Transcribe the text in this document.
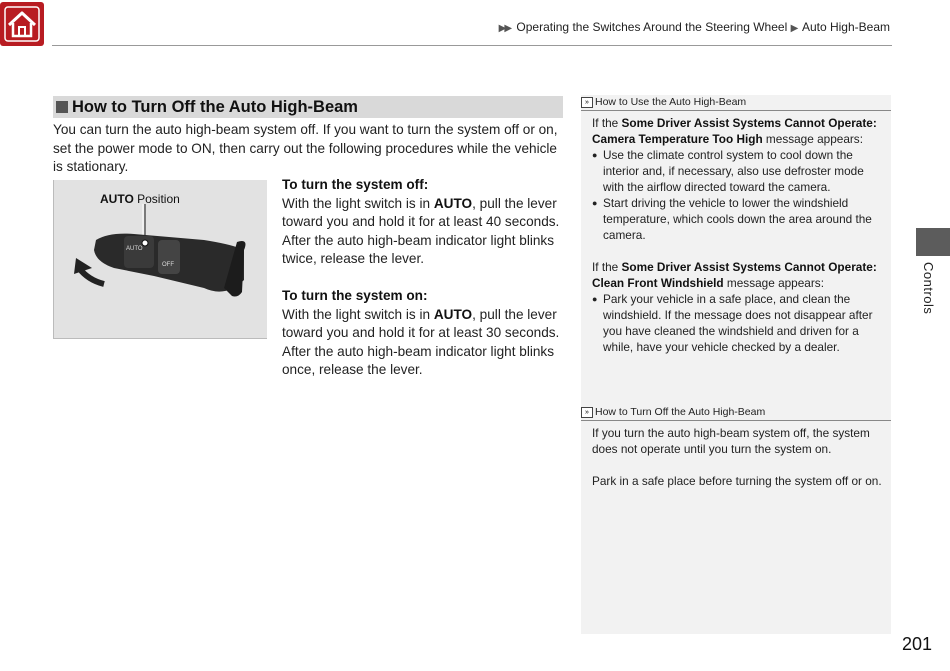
▶▶ Operating the Switches Around the Steering Wheel ▶ Auto High-Beam
How to Turn Off the Auto High-Beam
You can turn the auto high-beam system off. If you want to turn the system off or on, set the power mode to ON, then carry out the following procedures while the vehicle is stationary.
AUTO
OFF
AUTO Position
To turn the system off:
With the light switch is in AUTO, pull the lever toward you and hold it for at least 40 seconds. After the auto high-beam indicator light blinks twice, release the lever.
To turn the system on:
With the light switch is in AUTO, pull the lever toward you and hold it for at least 30 seconds. After the auto high-beam indicator light blinks once, release the lever.
» How to Use the Auto High-Beam
If the Some Driver Assist Systems Cannot Operate: Camera Temperature Too High message appears:
● Use the climate control system to cool down the interior and, if necessary, also use defroster mode with the airflow directed toward the camera.
● Start driving the vehicle to lower the windshield temperature, which cools down the area around the camera.
If the Some Driver Assist Systems Cannot Operate: Clean Front Windshield message appears:
● Park your vehicle in a safe place, and clean the windshield. If the message does not disappear after you have cleaned the windshield and driven for a while, have your vehicle checked by a dealer.
» How to Turn Off the Auto High-Beam
If you turn the auto high-beam system off, the system does not operate until you turn the system on.
Park in a safe place before turning the system off or on.
Controls
201
